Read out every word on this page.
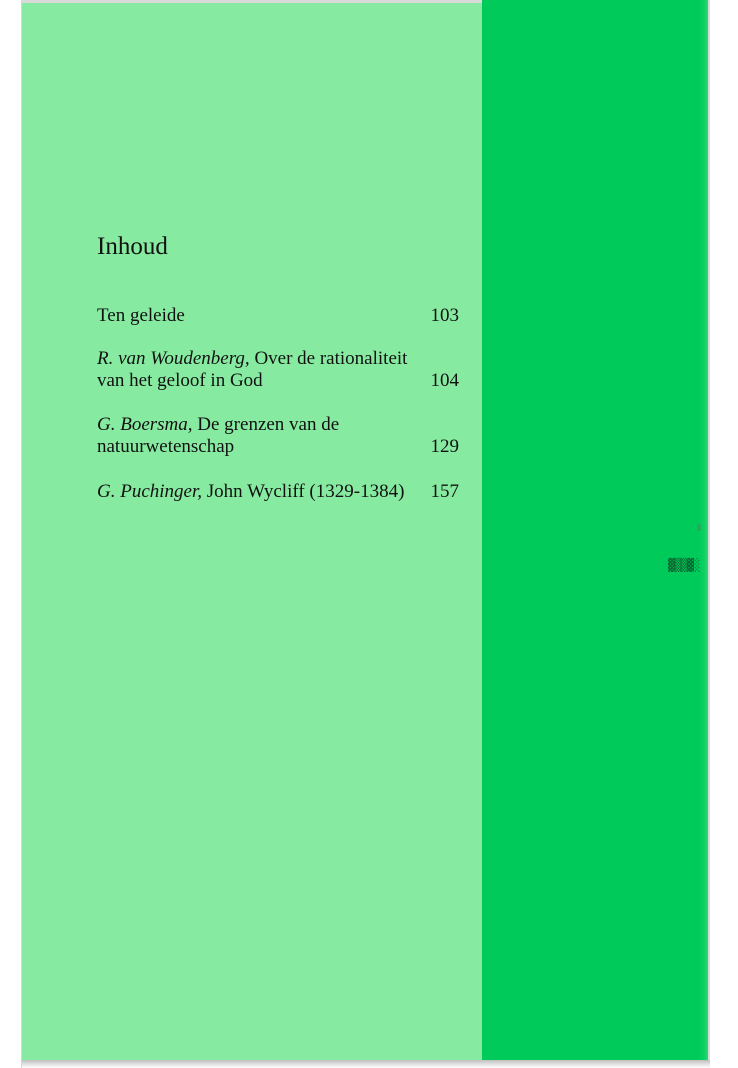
▓▒▒▓░
Inhoud
Ten geleide	103
R. van Woudenberg, Over de rationaliteit van het geloof in God	104
G. Boersma, De grenzen van de natuurwetenschap	129
G. Puchinger, John Wycliff (1329-1384)	157
